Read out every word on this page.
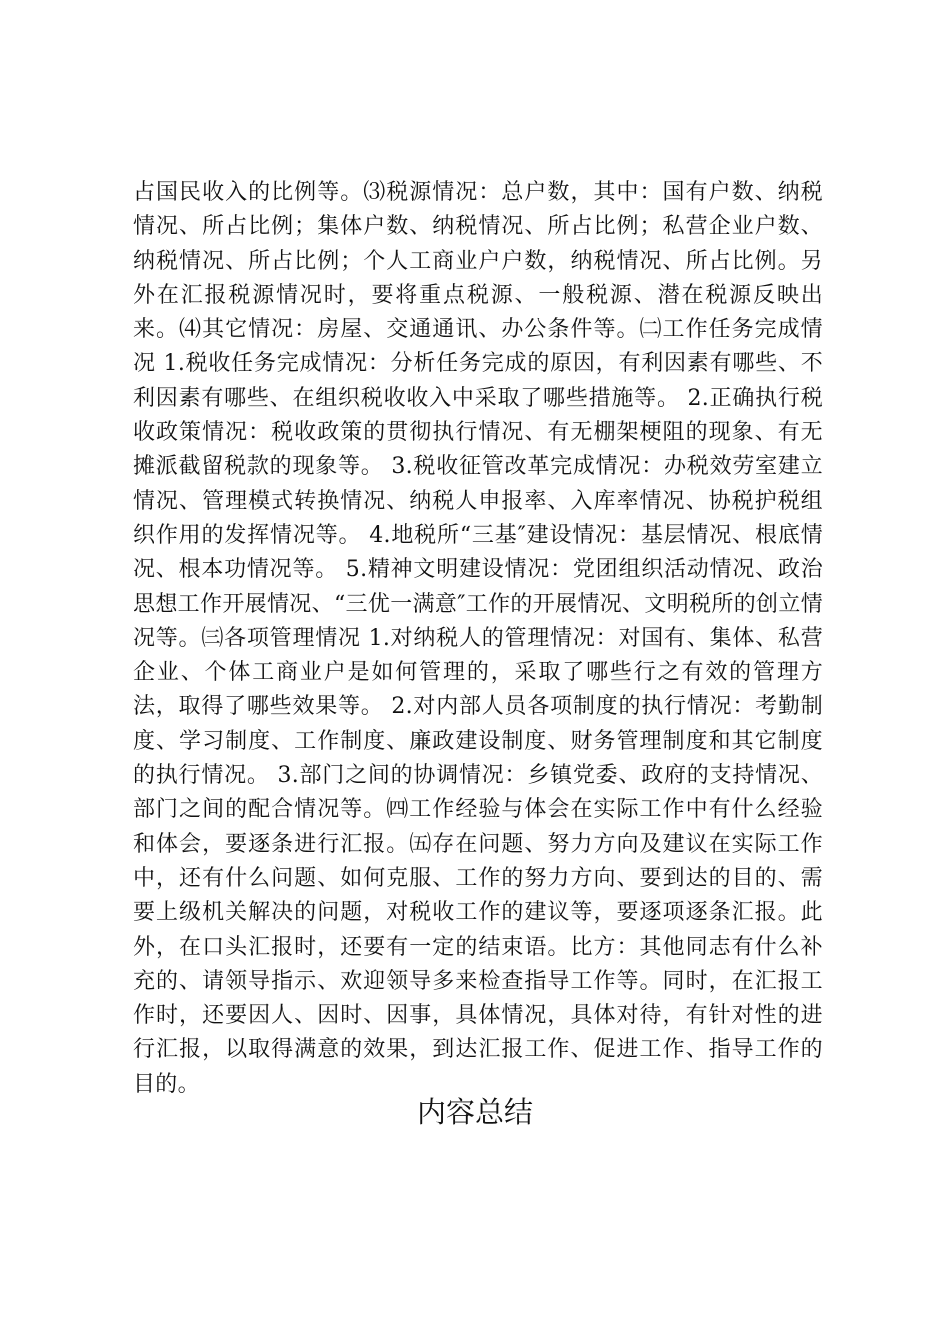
占国民收入的比例等。⑶税源情况：总户数，其中：国有户数、纳税情况、所占比例；集体户数、纳税情况、所占比例；私营企业户数、纳税情况、所占比例；个人工商业户户数，纳税情况、所占比例。另外在汇报税源情况时，要将重点税源、一般税源、潜在税源反映出来。⑷其它情况：房屋、交通通讯、办公条件等。㈡工作任务完成情况 1.税收任务完成情况：分析任务完成的原因，有利因素有哪些、不利因素有哪些、在组织税收收入中采取了哪些措施等。 2.正确执行税收政策情况：税收政策的贯彻执行情况、有无棚架梗阻的现象、有无摊派截留税款的现象等。 3.税收征管改革完成情况：办税效劳室建立情况、管理模式转换情况、纳税人申报率、入库率情况、协税护税组织作用的发挥情况等。 4.地税所“三基″建设情况：基层情况、根底情况、根本功情况等。 5.精神文明建设情况：党团组织活动情况、政治思想工作开展情况、“三优一满意″工作的开展情况、文明税所的创立情况等。㈢各项管理情况 1.对纳税人的管理情况：对国有、集体、私营企业、个体工商业户是如何管理的，采取了哪些行之有效的管理方法，取得了哪些效果等。 2.对内部人员各项制度的执行情况：考勤制度、学习制度、工作制度、廉政建设制度、财务管理制度和其它制度的执行情况。 3.部门之间的协调情况：乡镇党委、政府的支持情况、部门之间的配合情况等。㈣工作经验与体会在实际工作中有什么经验和体会，要逐条进行汇报。㈤存在问题、努力方向及建议在实际工作中，还有什么问题、如何克服、工作的努力方向、要到达的目的、需要上级机关解决的问题，对税收工作的建议等，要逐项逐条汇报。此外，在口头汇报时，还要有一定的结束语。比方：其他同志有什么补充的、请领导指示、欢迎领导多来检查指导工作等。同时，在汇报工作时，还要因人、因时、因事，具体情况，具体对待，有针对性的进行汇报，以取得满意的效果，到达汇报工作、促进工作、指导工作的目的。

内容总结
